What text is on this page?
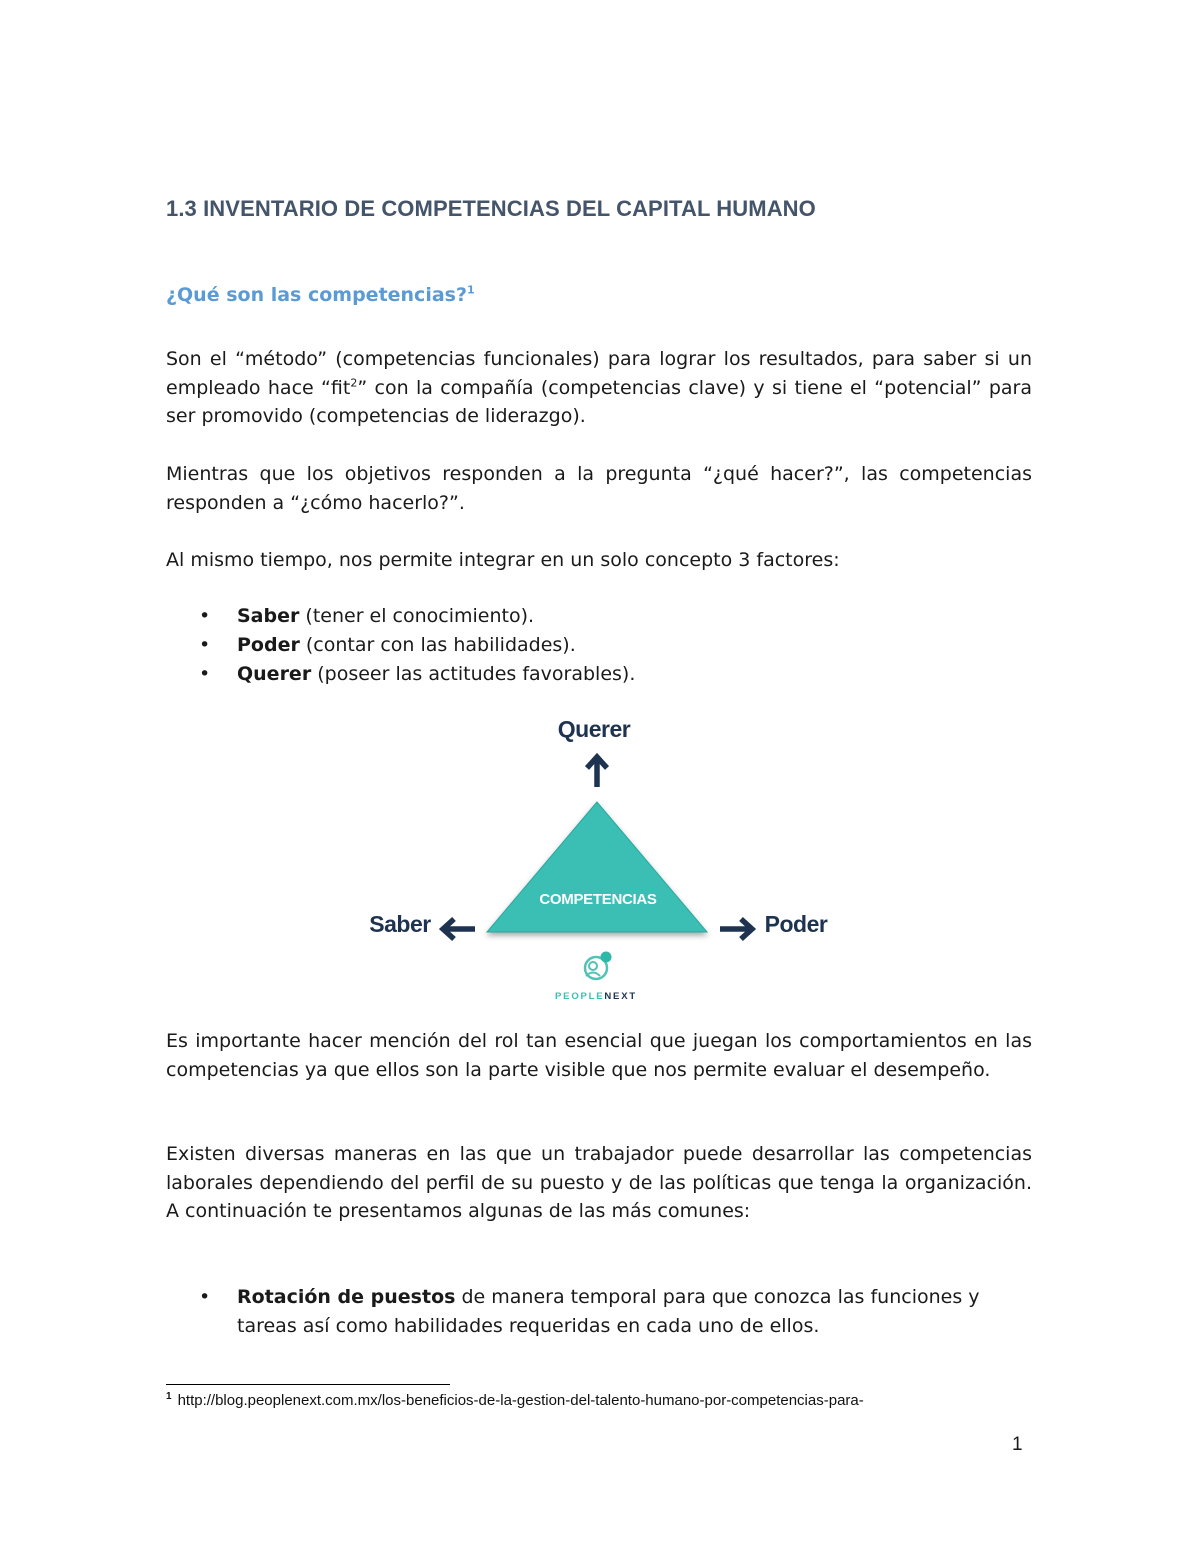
1.3 INVENTARIO DE COMPETENCIAS DEL CAPITAL HUMANO
¿Qué son las competencias?$^1$

Son el “método” (competencias funcionales) para lograr los resultados, para saber si un empleado hace “fit$^2$” con la compañía (competencias clave) y si tiene el “potencial” para ser promovido (competencias de liderazgo).

Mientras que los objetivos responden a la pregunta “¿qué hacer?”, las competencias responden a “¿cómo hacerlo?”.

Al mismo tiempo, nos permite integrar en un solo concepto 3 factores:

• Saber (tener el conocimiento).
• Poder (contar con las habilidades).
• Querer (poseer las actitudes favorables).
COMPETENCIAS
Querer
Saber	Poder
PEOPLENEXT

Es importante hacer mención del rol tan esencial que juegan los comportamientos en las competencias ya que ellos son la parte visible que nos permite evaluar el desempeño.

Existen diversas maneras en las que un trabajador puede desarrollar las competencias laborales dependiendo del perfil de su puesto y de las políticas que tenga la organización. A continuación te presentamos algunas de las más comunes:

• Rotación de puestos de manera temporal para que conozca las funciones y tareas así como habilidades requeridas en cada uno de ellos.

$^1$ http://blog.peoplenext.com.mx/los-beneficios-de-la-gestion-del-talento-humano-por-competencias-para-

1
